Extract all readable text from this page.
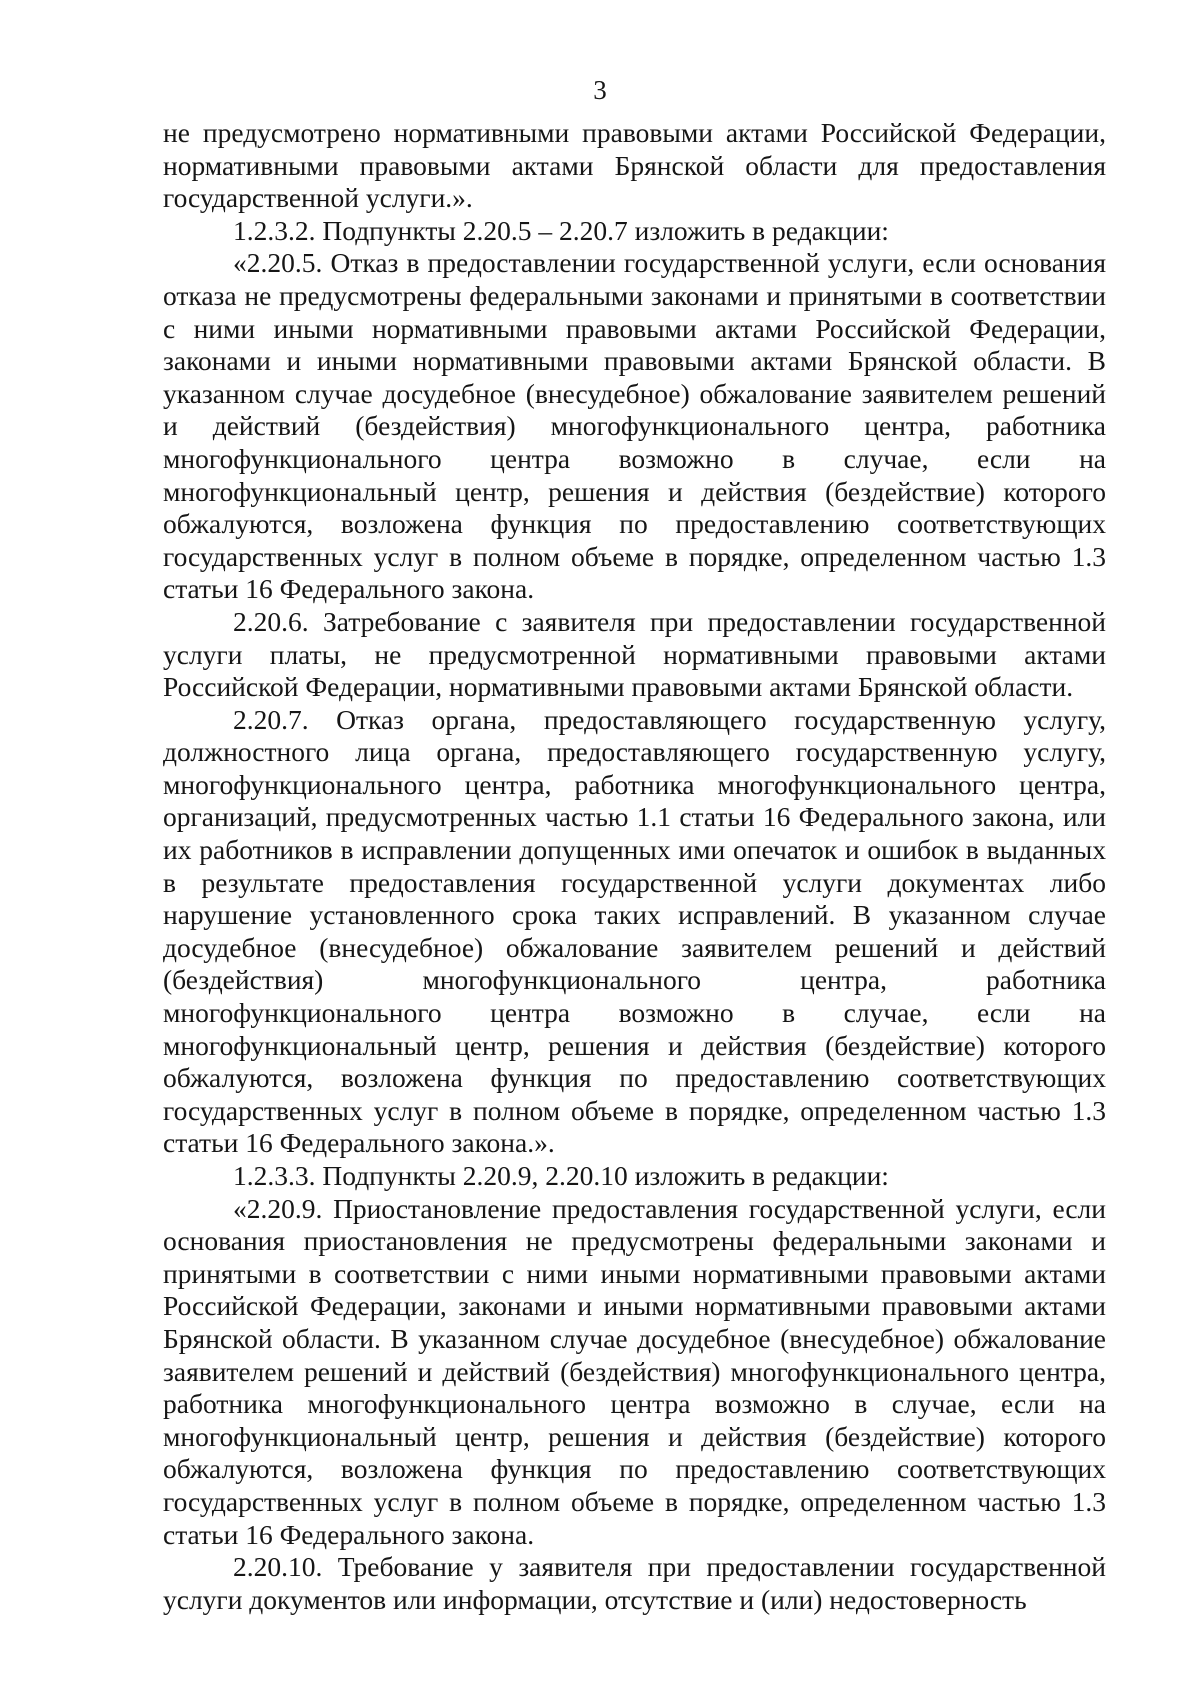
3

не предусмотрено нормативными правовыми актами Российской Федерации, нормативными правовыми актами Брянской области для предоставления государственной услуги.».

1.2.3.2. Подпункты 2.20.5 – 2.20.7 изложить в редакции:

«2.20.5. Отказ в предоставлении государственной услуги, если основания отказа не предусмотрены федеральными законами и принятыми в соответствии с ними иными нормативными правовыми актами Российской Федерации, законами и иными нормативными правовыми актами Брянской области. В указанном случае досудебное (внесудебное) обжалование заявителем решений и действий (бездействия) многофункционального центра, работника многофункционального центра возможно в случае, если на многофункциональный центр, решения и действия (бездействие) которого обжалуются, возложена функция по предоставлению соответствующих государственных услуг в полном объеме в порядке, определенном частью 1.3 статьи 16 Федерального закона.

2.20.6. Затребование с заявителя при предоставлении государственной услуги платы, не предусмотренной нормативными правовыми актами Российской Федерации, нормативными правовыми актами Брянской области.

2.20.7. Отказ органа, предоставляющего государственную услугу, должностного лица органа, предоставляющего государственную услугу, многофункционального центра, работника многофункционального центра, организаций, предусмотренных частью 1.1 статьи 16 Федерального закона, или их работников в исправлении допущенных ими опечаток и ошибок в выданных в результате предоставления государственной услуги документах либо нарушение установленного срока таких исправлений. В указанном случае досудебное (внесудебное) обжалование заявителем решений и действий (бездействия) многофункционального центра, работника многофункционального центра возможно в случае, если на многофункциональный центр, решения и действия (бездействие) которого обжалуются, возложена функция по предоставлению соответствующих государственных услуг в полном объеме в порядке, определенном частью 1.3 статьи 16 Федерального закона.».

1.2.3.3. Подпункты 2.20.9, 2.20.10 изложить в редакции:

«2.20.9. Приостановление предоставления государственной услуги, если основания приостановления не предусмотрены федеральными законами и принятыми в соответствии с ними иными нормативными правовыми актами Российской Федерации, законами и иными нормативными правовыми актами Брянской области. В указанном случае досудебное (внесудебное) обжалование заявителем решений и действий (бездействия) многофункционального центра, работника многофункционального центра возможно в случае, если на многофункциональный центр, решения и действия (бездействие) которого обжалуются, возложена функция по предоставлению соответствующих государственных услуг в полном объеме в порядке, определенном частью 1.3 статьи 16 Федерального закона.

2.20.10. Требование у заявителя при предоставлении государственной услуги документов или информации, отсутствие и (или) недостоверность
